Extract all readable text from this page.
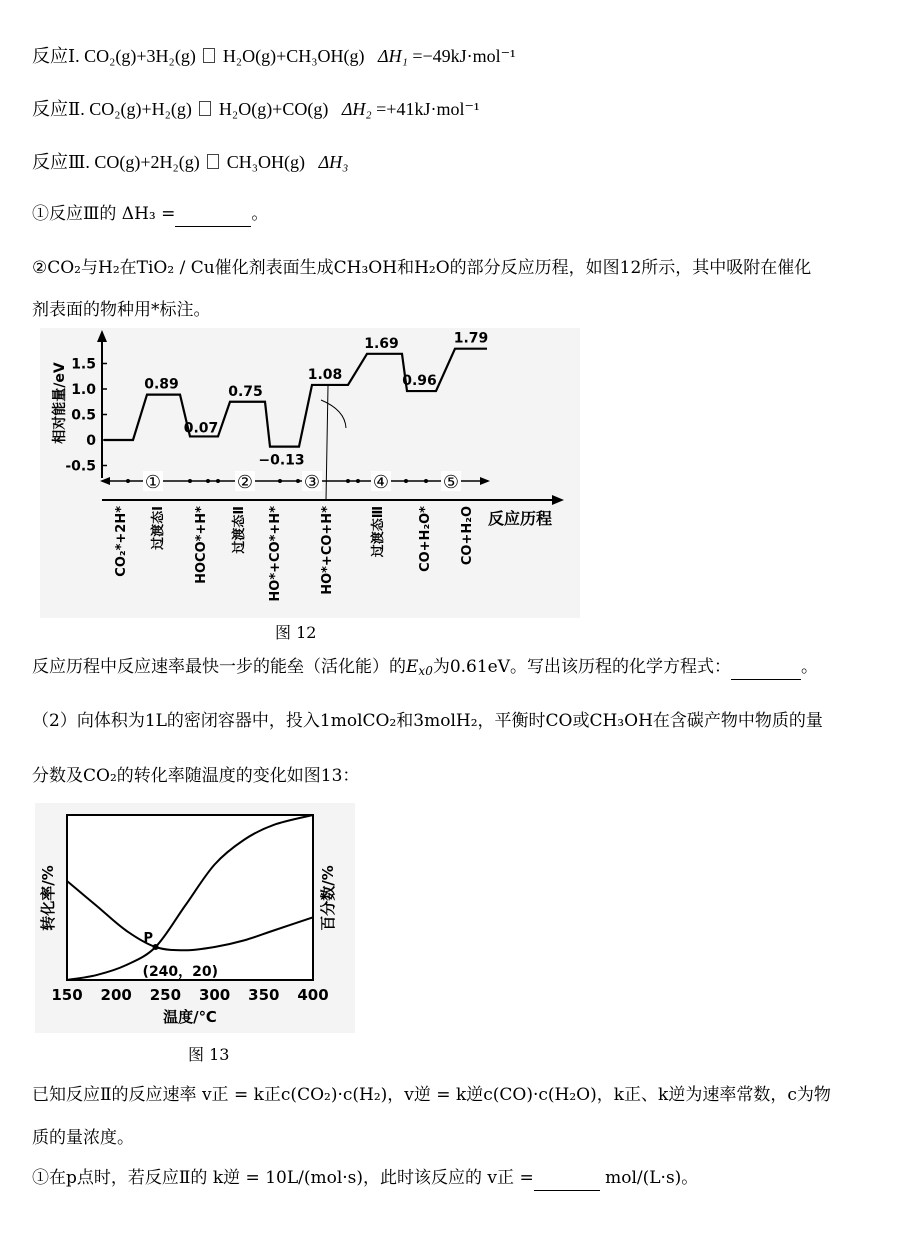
反应Ⅰ. CO₂(g)+3H₂(g) H₂O(g)+CH₃OH(g) ΔH₁ =−49kJ·mol⁻¹
反应Ⅱ. CO₂(g)+H₂(g) H₂O(g)+CO(g) ΔH₂ =+41kJ·mol⁻¹
反应Ⅲ. CO(g)+2H₂(g) CH₃OH(g) ΔH₃
①反应Ⅲ的 ΔH₃ =	。
②CO₂与H₂在TiO₂ / Cu催化剂表面生成CH₃OH和H₂O的部分反应历程，如图12所示，其中吸附在催化
剂表面的物种用*标注。
相对能量/eV 1.5
1.0
0.5
0
-0.5
反应历程
①	②	③	④	⑤
0.89
0.07
0.75
−0.13
1.08
1.69
0.96
1.79
CO₂*+2H* 过渡态Ⅰ HOCO*+H* 过渡态Ⅱ HO*+CO*+H*	HO*+CO+H*	过渡态Ⅲ CO+H₂O* CO+H₂O
图 12
反应历程中反应速率最快一步的能垒（活化能）的$E_{x0}$为0.61eV。写出该历程的化学方程式：	。
（2）向体积为1L的密闭容器中，投入1molCO₂和3molH₂，平衡时CO或CH₃OH在含碳产物中物质的量
分数及CO₂的转化率随温度的变化如图13：
150 200 250 300 350 400
P
(240，20)
温度/℃
转化率/%	百分数/%
图 13
已知反应Ⅱ的反应速率 v正 = k正c(CO₂)·c(H₂)，v逆 = k逆c(CO)·c(H₂O)，k正、k逆为速率常数，c为物
质的量浓度。
①在p点时，若反应Ⅱ的 k逆 = 10L/(mol·s)，此时该反应的 v正 =	mol/(L·s)。
